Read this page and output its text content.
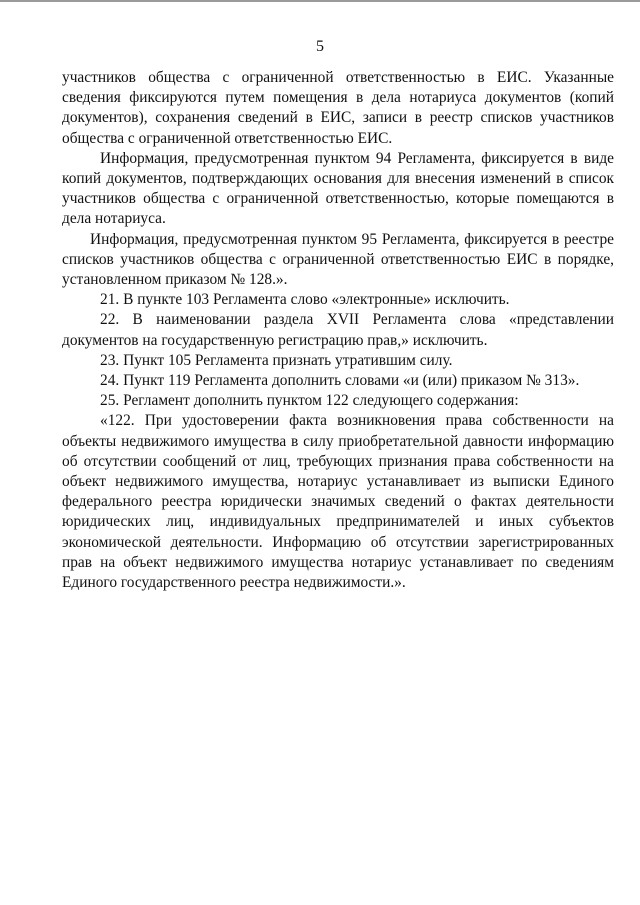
5

участников общества с ограниченной ответственностью в ЕИС. Указанные сведения фиксируются путем помещения в дела нотариуса документов (копий документов), сохранения сведений в ЕИС, записи в реестр списков участников общества с ограниченной ответственностью ЕИС.

Информация, предусмотренная пунктом 94 Регламента, фиксируется в виде копий документов, подтверждающих основания для внесения изменений в список участников общества с ограниченной ответственностью, которые помещаются в дела нотариуса.

Информация, предусмотренная пунктом 95 Регламента, фиксируется в реестре списков участников общества с ограниченной ответственностью ЕИС в порядке, установленном приказом № 128.».

21. В пункте 103 Регламента слово «электронные» исключить.

22. В наименовании раздела XVII Регламента слова «представлении документов на государственную регистрацию прав,» исключить.

23. Пункт 105 Регламента признать утратившим силу.

24. Пункт 119 Регламента дополнить словами «и (или) приказом № 313».

25. Регламент дополнить пунктом 122 следующего содержания:

«122. При удостоверении факта возникновения права собственности на объекты недвижимого имущества в силу приобретательной давности информацию об отсутствии сообщений от лиц, требующих признания права собственности на объект недвижимого имущества, нотариус устанавливает из выписки Единого федерального реестра юридически значимых сведений о фактах деятельности юридических лиц, индивидуальных предпринимателей и иных субъектов экономической деятельности. Информацию об отсутствии зарегистрированных прав на объект недвижимого имущества нотариус устанавливает по сведениям Единого государственного реестра недвижимости.».
